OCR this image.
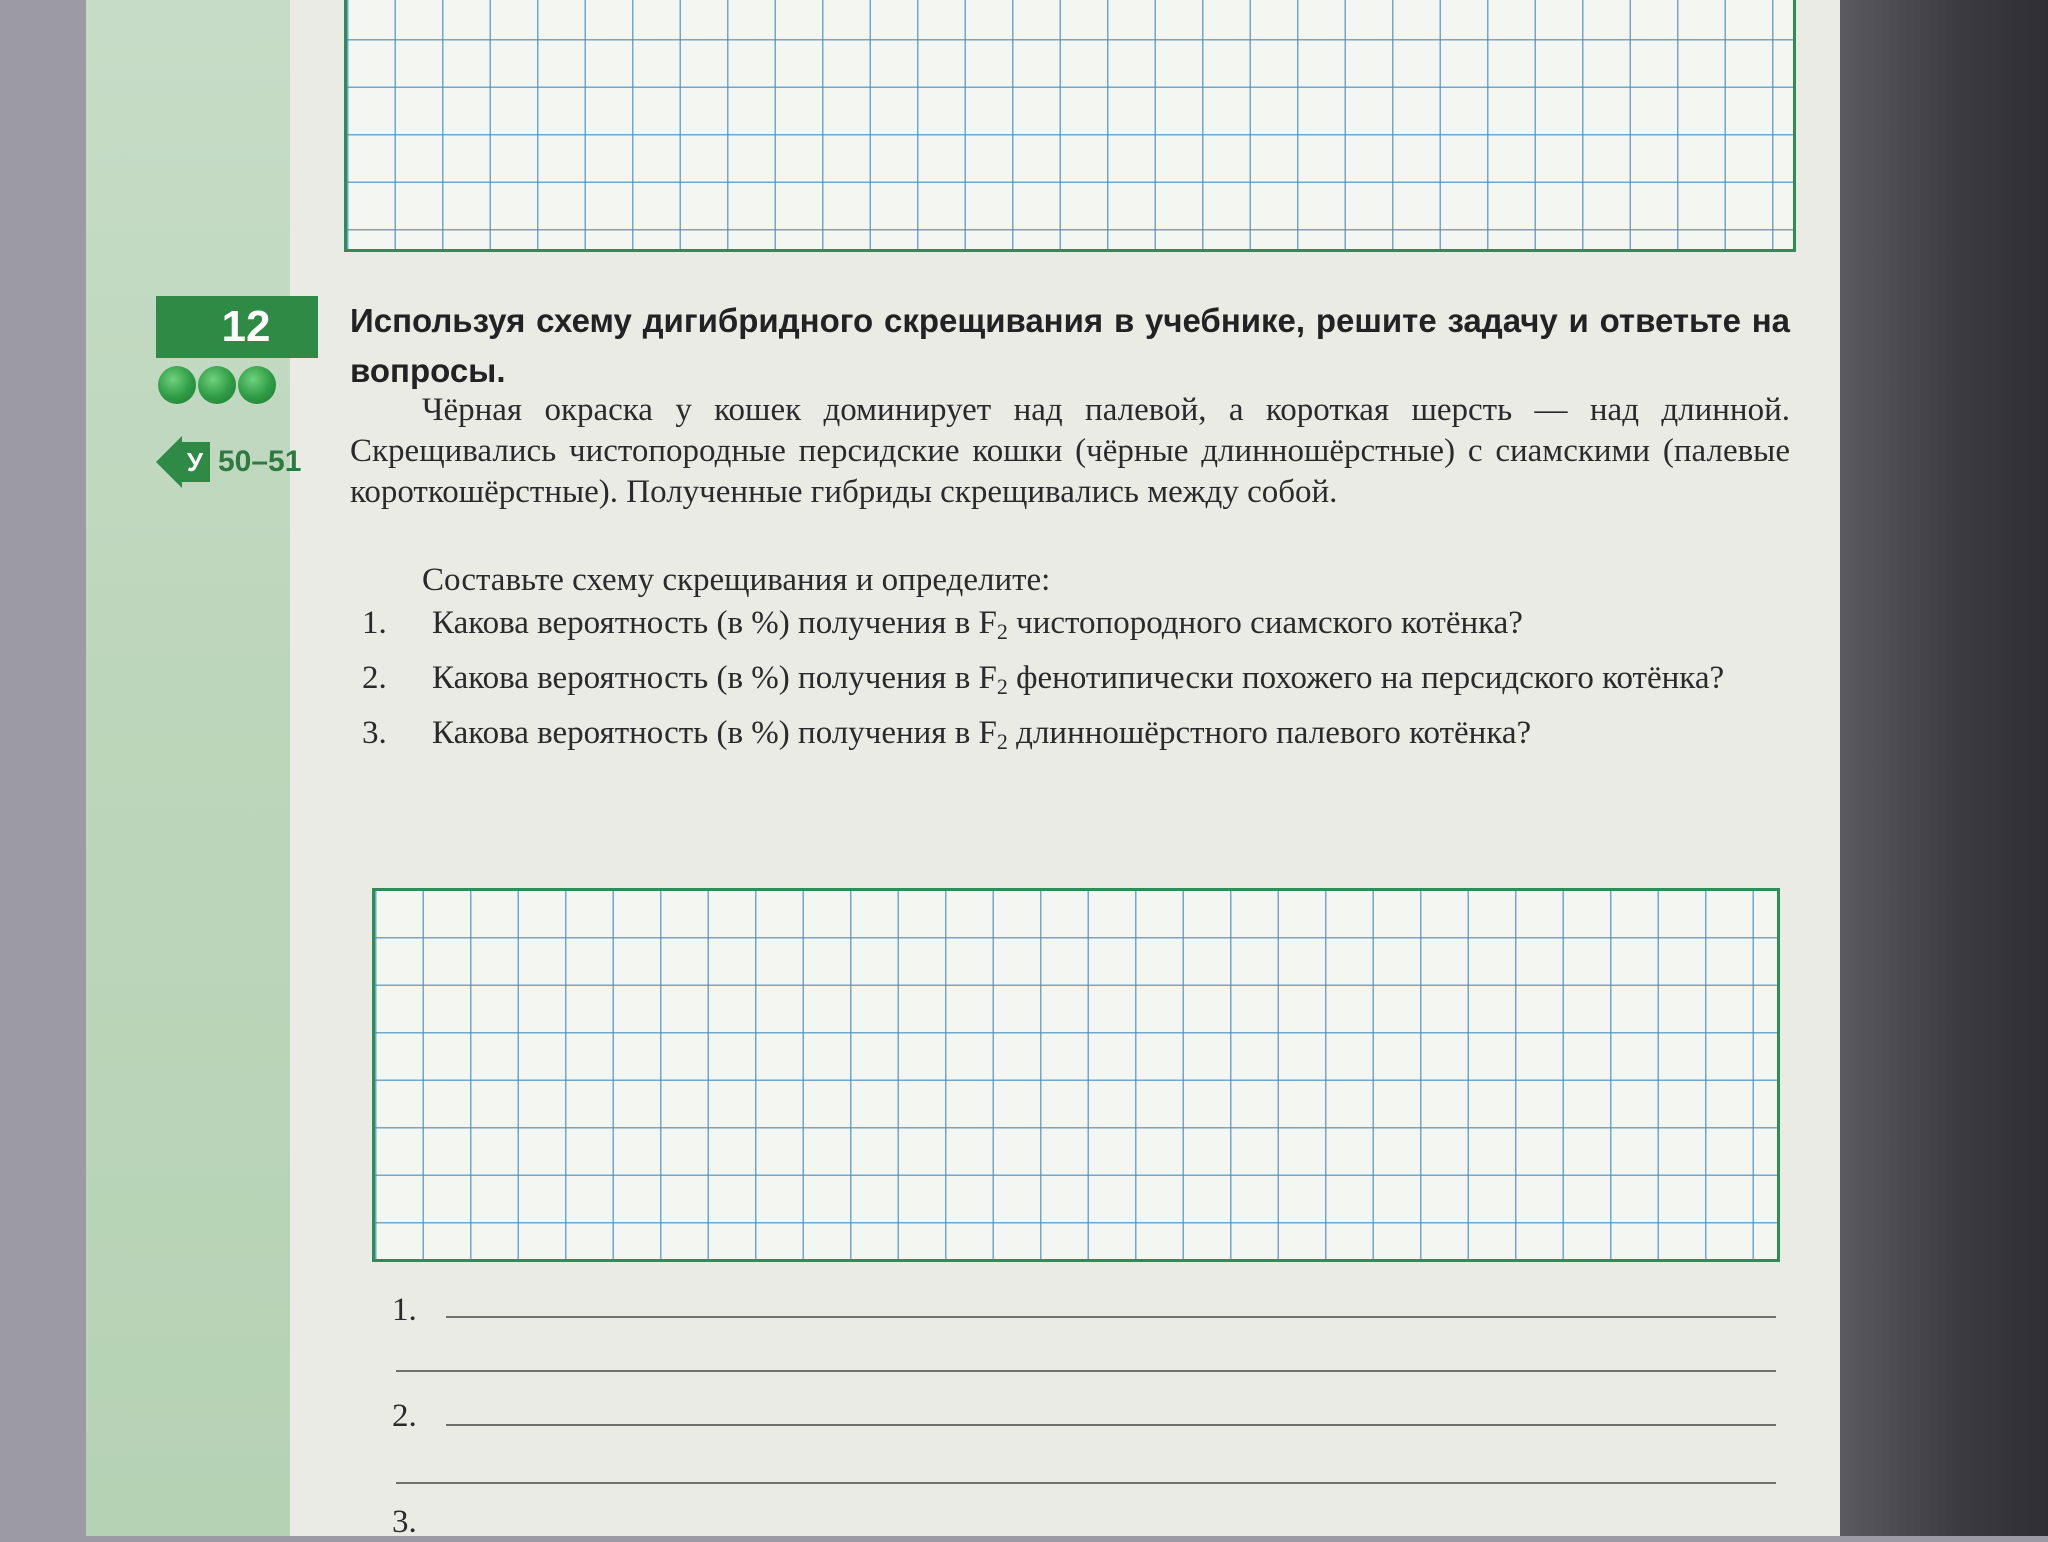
12
У 50–51
Используя схему дигибридного скрещивания в учебнике, решите задачу и ответьте на вопросы.
Чёрная окраска у кошек доминирует над палевой, а короткая шерсть — над длинной. Скрещивались чистопородные персидские кошки (чёрные длинношёрстные) с сиамскими (палевые короткошёрстные). Полученные гибриды скрещивались между собой.
Составьте схему скрещивания и определите:
1. Какова вероятность (в %) получения в $F_2$ чистопородного сиамского котёнка?
2. Какова вероятность (в %) получения в $F_2$ фенотипически похожего на персидского котёнка?
3. Какова вероятность (в %) получения в $F_2$ длинношёрстного палевого котёнка?
1.
2.
3.
